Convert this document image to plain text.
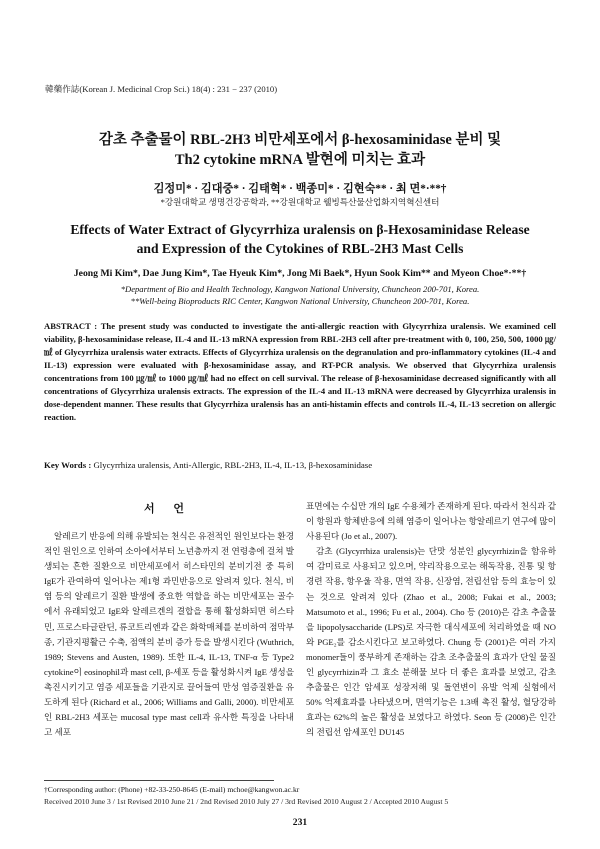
韓藥作誌(Korean J. Medicinal Crop Sci.) 18(4) : 231 − 237 (2010)
감초 추출물이 RBL-2H3 비만세포에서 β-hexosaminidase 분비 및
Th2 cytokine mRNA 발현에 미치는 효과
김정미* · 김대중* · 김태혁* · 백종미* · 김현숙** · 최 면*·**†
*강원대학교 생명건강공학과, **강원대학교 웰빙특산물산업화지역혁신센터
Effects of Water Extract of Glycyrrhiza uralensis on β-Hexosaminidase Release
and Expression of the Cytokines of RBL-2H3 Mast Cells
Jeong Mi Kim*, Dae Jung Kim*, Tae Hyeuk Kim*, Jong Mi Baek*, Hyun Sook Kim** and Myeon Choe*·**†
*Department of Bio and Health Technology, Kangwon National University, Chuncheon 200-701, Korea.
**Well-being Bioproducts RIC Center, Kangwon National University, Chuncheon 200-701, Korea.
ABSTRACT : The present study was conducted to investigate the anti-allergic reaction with Glycyrrhiza uralensis. We examined cell viability, β-hexosaminidase release, IL-4 and IL-13 mRNA expression from RBL-2H3 cell after pre-treatment with 0, 100, 250, 500, 1000 ㎍/㎖ of Glycyrrhiza uralensis water extracts. Effects of Glycyrrhiza uralensis on the degranulation and pro-inflammatory cytokines (IL-4 and IL-13) expression were evaluated with β-hexosaminidase assay, and RT-PCR analysis. We observed that Glycyrrhiza uralensis concentrations from 100 ㎍/㎖ to 1000 ㎍/㎖ had no effect on cell survival. The release of β-hexosaminidase decreased significantly with all concentrations of Glycyrrhiza uralensis extracts. The expression of the IL-4 and IL-13 mRNA were decreased by Glycyrrhiza uralensis in dose-dependent manner. These results that Glycyrrhiza uralensis has an anti-histamin effects and controls IL-4, IL-13 secretion on allergic reaction.
Key Words : Glycyrrhiza uralensis, Anti-Allergic, RBL-2H3, IL-4, IL-13, β-hexosaminidase
서 언

알레르기 반응에 의해 유발되는 천식은 유전적인 원인보다는 환경적인 원인으로 인하여 소아에서부터 노년층까지 전 연령층에 걸쳐 발생되는 흔한 질환으로 비만세포에서 히스타민의 분비기전 중 특히 IgE가 관여하여 일어나는 제1형 과민반응으로 알려져 있다. 천식, 비염 등의 알레르기 질환 발생에 중요한 역할을 하는 비만세포는 골수에서 유래되었고 IgE와 알레르겐의 결합을 통해 활성화되면 히스타민, 프로스타글란딘, 류코트리엔과 같은 화학매체를 분비하여 점막부종, 기관지평활근 수축, 점액의 분비 증가 등을 발생시킨다 (Wuthrich, 1989; Stevens and Austen, 1989). 또한 IL-4, IL-13, TNF-α 등 Type2 cytokine이 eosinophil과 mast cell, β-세포 등을 활성화시켜 IgE 생성을 촉진시키기고 염증 세포들을 기관지로 끌어들여 만성 염증질환을 유도하게 된다 (Richard et al., 2006; Williams and Galli, 2000). 비만세포인 RBL-2H3 세포는 mucosal type mast cell과 유사한 특징을 나타내고 세포

표면에는 수십만 개의 IgE 수용체가 존재하게 된다. 따라서 천식과 같이 항원과 항체반응에 의해 염증이 일어나는 항알레르기 연구에 많이 사용된다 (Jo et al., 2007).

감초 (Glycyrrhiza uralensis)는 단맛 성분인 glycyrrhizin을 함유하여 감미료로 사용되고 있으며, 약리작용으로는 해독작용, 진통 및 항경련 작용, 항우울 작용, 면역 작용, 신장염, 전립선암 등의 효능이 있는 것으로 알려져 있다 (Zhao et al., 2008; Fukai et al., 2003; Matsumoto et al., 1996; Fu et al., 2004). Cho 등 (2010)은 감초 추출물을 lipopolysaccharide (LPS)로 자극한 대식세포에 처리하였을 때 NO와 PGE₂를 감소시킨다고 보고하였다. Chung 등 (2001)은 여러 가지 monomer들이 풍부하게 존재하는 감초 조추출물의 효과가 단일 물질인 glycyrrhizin과 그 효소 분해물 보다 더 좋은 효과를 보였고, 감초 추출물은 인간 암세포 성장저해 및 돌연변이 유발 억제 실험에서 50% 억제효과를 나타냈으며, 면역기능은 1.3배 촉진 활성, 혈당강하 효과는 62%의 높은 활성을 보였다고 하였다. Seon 등 (2008)은 인간의 전립선 암세포인 DU145

†Corresponding author: (Phone) +82-33-250-8645 (E-mail) mchoe@kangwon.ac.kr
Received 2010 June 3 / 1st Revised 2010 June 21 / 2nd Revised 2010 July 27 / 3rd Revised 2010 August 2 / Accepted 2010 August 5
231
